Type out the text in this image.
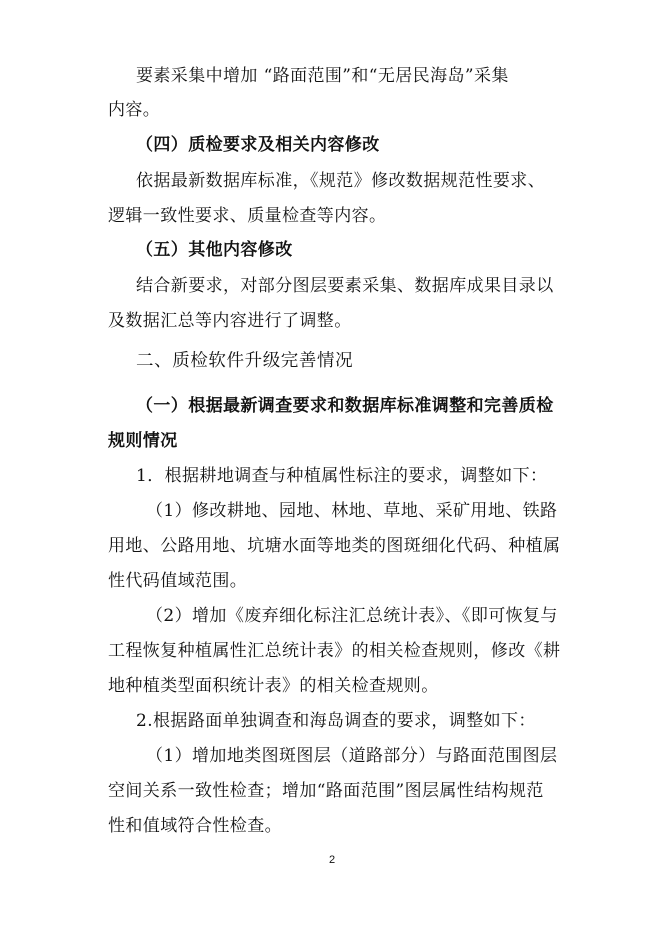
要素采集中增加 “路面范围”和“无居民海岛”采集
内容。
（四）质检要求及相关内容修改
依据最新数据库标准，《规范》修改数据规范性要求、
逻辑一致性要求、质量检查等内容。
（五）其他内容修改
结合新要求，对部分图层要素采集、数据库成果目录以
及数据汇总等内容进行了调整。
二、质检软件升级完善情况
（一）根据最新调查要求和数据库标准调整和完善质检
规则情况
1．根据耕地调查与种植属性标注的要求，调整如下：
（1）修改耕地、园地、林地、草地、采矿用地、铁路
用地、公路用地、坑塘水面等地类的图斑细化代码、种植属
性代码值域范围。
（2）增加《废弃细化标注汇总统计表》、《即可恢复与
工程恢复种植属性汇总统计表》的相关检查规则，修改《耕
地种植类型面积统计表》的相关检查规则。
2.根据路面单独调查和海岛调查的要求，调整如下：
（1）增加地类图斑图层（道路部分）与路面范围图层
空间关系一致性检查；增加“路面范围”图层属性结构规范
性和值域符合性检查。
2
